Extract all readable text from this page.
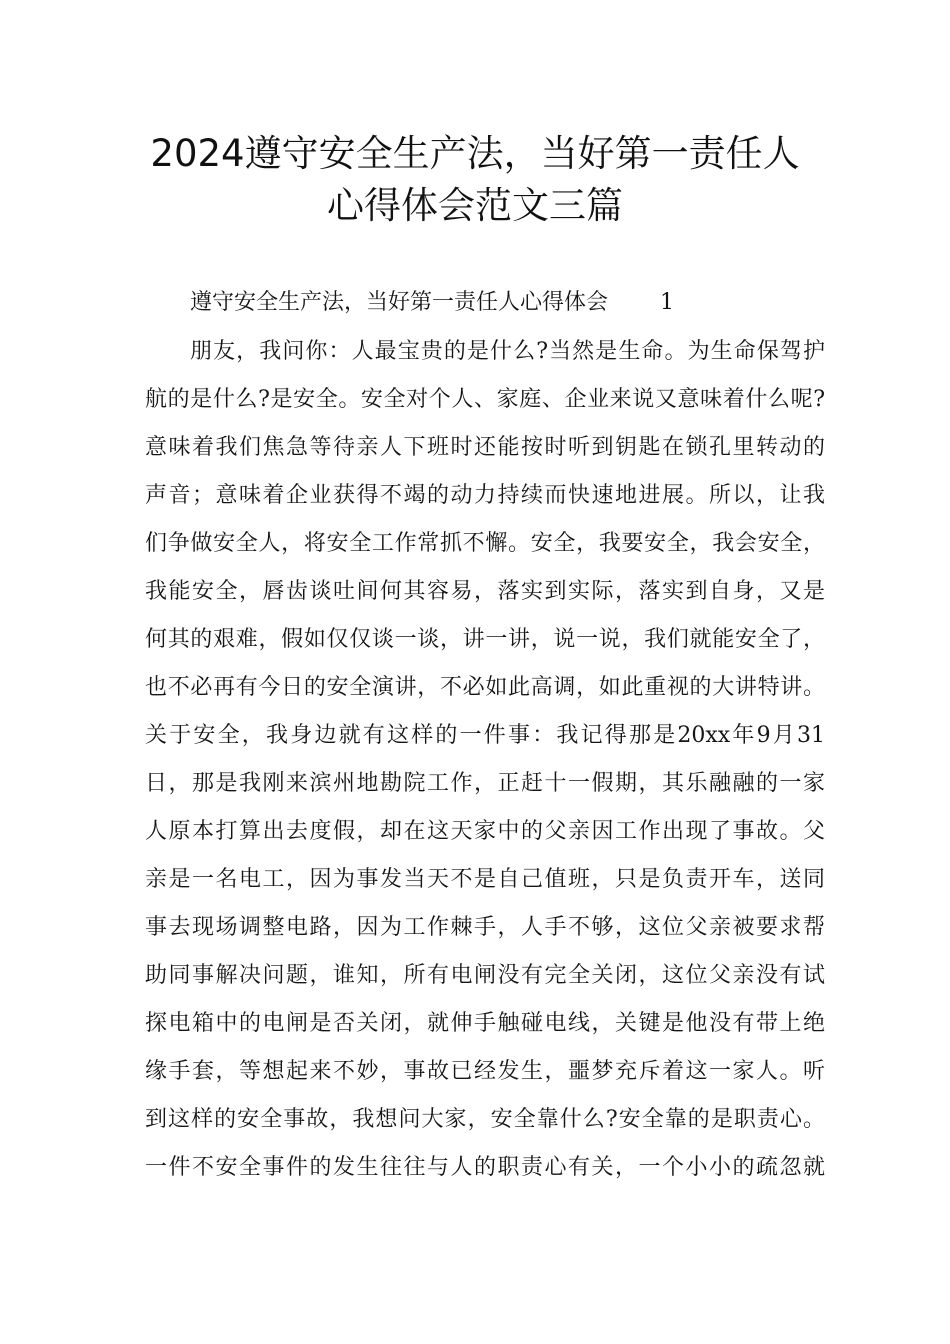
2024遵守安全生产法，当好第一责任人
心得体会范文三篇
遵守安全生产法，当好第一责任人心得体会 1
朋友，我问你：人最宝贵的是什么?当然是生命。为生命保驾护
航的是什么?是安全。安全对个人、家庭、企业来说又意味着什么呢?
意味着我们焦急等待亲人下班时还能按时听到钥匙在锁孔里转动的
声音；意味着企业获得不竭的动力持续而快速地进展。所以，让我
们争做安全人，将安全工作常抓不懈。安全，我要安全，我会安全，
我能安全，唇齿谈吐间何其容易，落实到实际，落实到自身，又是
何其的艰难，假如仅仅谈一谈，讲一讲，说一说，我们就能安全了，
也不必再有今日的安全演讲，不必如此高调，如此重视的大讲特讲。
关于安全，我身边就有这样的一件事：我记得那是20xx年9月31
日，那是我刚来滨州地勘院工作，正赶十一假期，其乐融融的一家
人原本打算出去度假，却在这天家中的父亲因工作出现了事故。父
亲是一名电工，因为事发当天不是自己值班，只是负责开车，送同
事去现场调整电路，因为工作棘手，人手不够，这位父亲被要求帮
助同事解决问题，谁知，所有电闸没有完全关闭，这位父亲没有试
探电箱中的电闸是否关闭，就伸手触碰电线，关键是他没有带上绝
缘手套，等想起来不妙，事故已经发生，噩梦充斥着这一家人。听
到这样的安全事故，我想问大家，安全靠什么?安全靠的是职责心。
一件不安全事件的发生往往与人的职责心有关，一个小小的疏忽就
